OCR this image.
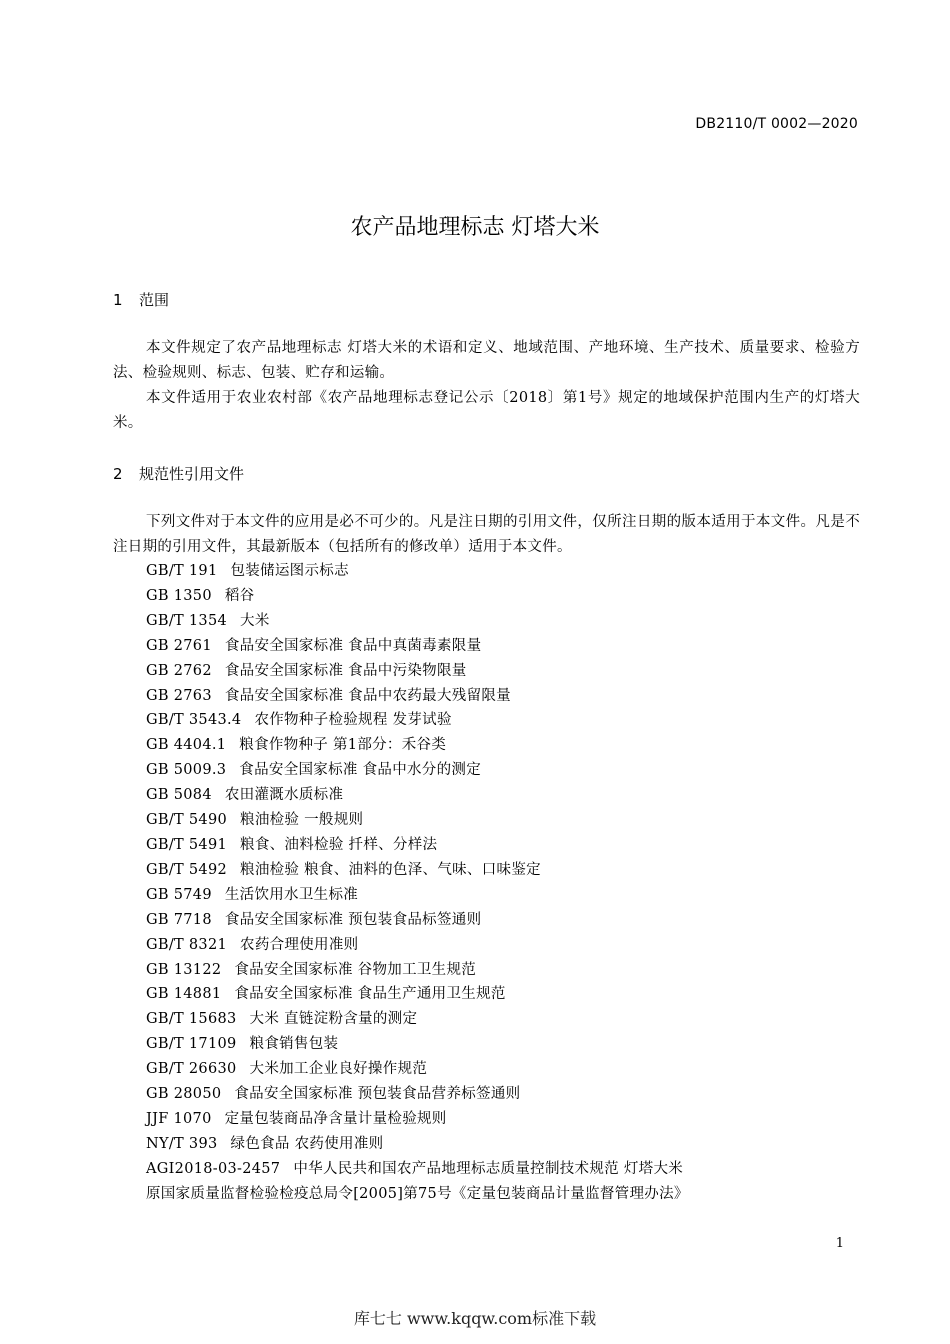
DB2110/T 0002—2020
农产品地理标志 灯塔大米
1 范围
本文件规定了农产品地理标志 灯塔大米的术语和定义、地域范围、产地环境、生产技术、质量要求、检验方法、检验规则、标志、包装、贮存和运输。
本文件适用于农业农村部《农产品地理标志登记公示〔2018〕第1号》规定的地域保护范围内生产的灯塔大米。
2 规范性引用文件
下列文件对于本文件的应用是必不可少的。凡是注日期的引用文件，仅所注日期的版本适用于本文件。凡是不注日期的引用文件，其最新版本（包括所有的修改单）适用于本文件。
GB/T 191 包装储运图示标志
GB 1350 稻谷
GB/T 1354 大米
GB 2761 食品安全国家标准 食品中真菌毒素限量
GB 2762 食品安全国家标准 食品中污染物限量
GB 2763 食品安全国家标准 食品中农药最大残留限量
GB/T 3543.4 农作物种子检验规程 发芽试验
GB 4404.1 粮食作物种子 第1部分：禾谷类
GB 5009.3 食品安全国家标准 食品中水分的测定
GB 5084 农田灌溉水质标准
GB/T 5490 粮油检验 一般规则
GB/T 5491 粮食、油料检验 扦样、分样法
GB/T 5492 粮油检验 粮食、油料的色泽、气味、口味鉴定
GB 5749 生活饮用水卫生标准
GB 7718 食品安全国家标准 预包装食品标签通则
GB/T 8321 农药合理使用准则
GB 13122 食品安全国家标准 谷物加工卫生规范
GB 14881 食品安全国家标准 食品生产通用卫生规范
GB/T 15683 大米 直链淀粉含量的测定
GB/T 17109 粮食销售包装
GB/T 26630 大米加工企业良好操作规范
GB 28050 食品安全国家标准 预包装食品营养标签通则
JJF 1070 定量包装商品净含量计量检验规则
NY/T 393 绿色食品 农药使用准则
AGI2018-03-2457 中华人民共和国农产品地理标志质量控制技术规范 灯塔大米
原国家质量监督检验检疫总局令[2005]第75号《定量包装商品计量监督管理办法》
1
库七七 www.kqqw.com标准下载
